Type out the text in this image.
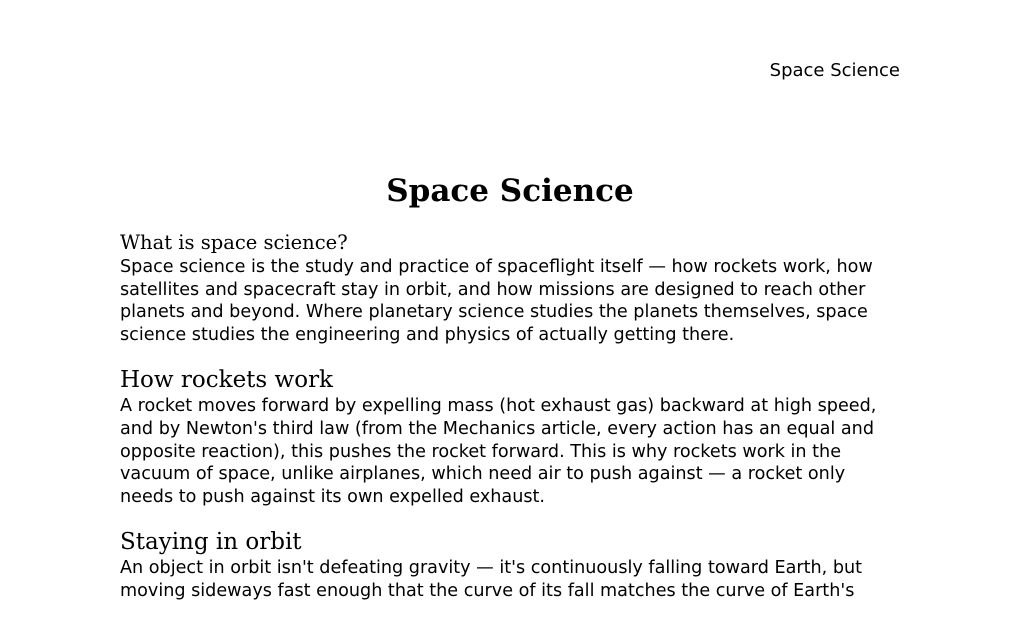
Space Science
Space Science
What is space science?

Space science is the study and practice of spaceflight itself — how rockets work, how satellites and spacecraft stay in orbit, and how missions are designed to reach other planets and beyond. Where planetary science studies the planets themselves, space science studies the engineering and physics of actually getting there.

How rockets work

A rocket moves forward by expelling mass (hot exhaust gas) backward at high speed, and by Newton's third law (from the Mechanics article, every action has an equal and opposite reaction), this pushes the rocket forward. This is why rockets work in the vacuum of space, unlike airplanes, which need air to push against — a rocket only needs to push against its own expelled exhaust.

Staying in orbit

An object in orbit isn't defeating gravity — it's continuously falling toward Earth, but moving sideways fast enough that the curve of its fall matches the curve of Earth's
